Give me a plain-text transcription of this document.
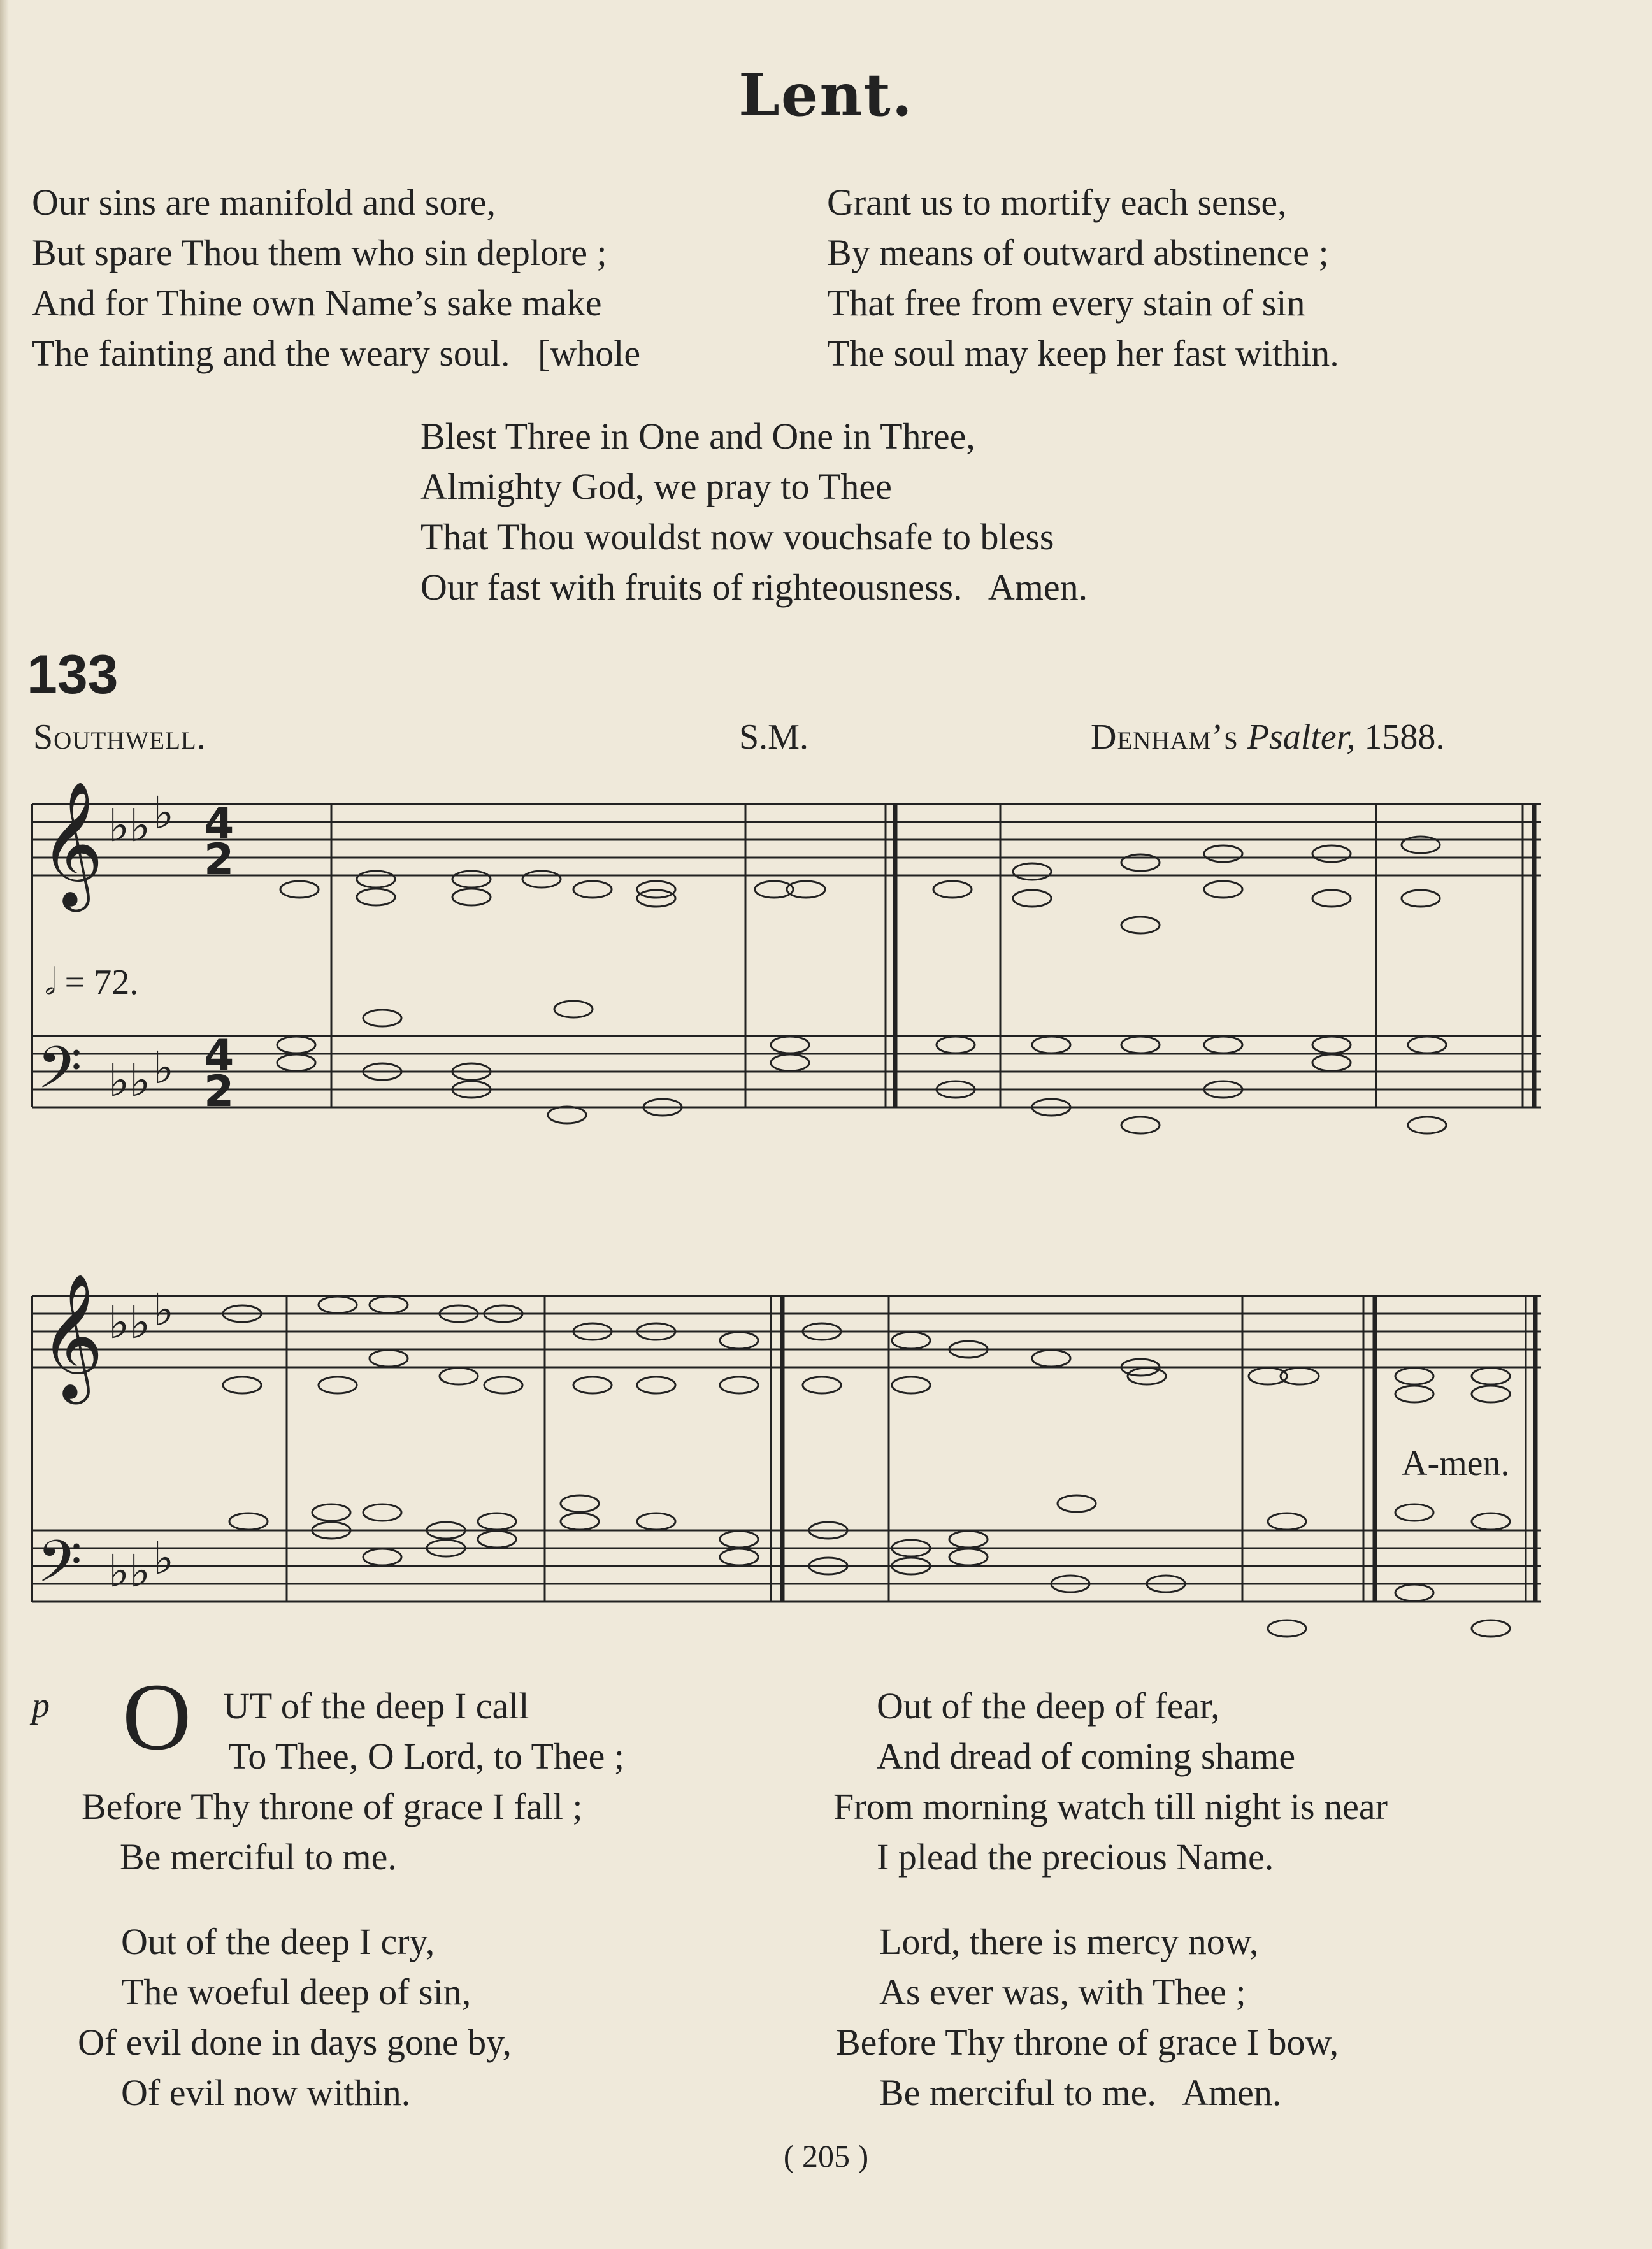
Lent.
Our sins are manifold and sore,
But spare Thou them who sin deplore ;
And for Thine own Name’s sake make
The fainting and the weary soul.   [whole
Grant us to mortify each sense,
By means of outward abstinence ;
That free from every stain of sin
The soul may keep her fast within.
Blest Three in One and One in Three,
Almighty God, we pray to Thee
That Thou wouldst now vouchsafe to bless
Our fast with fruits of righteousness.   Amen.
133
Southwell.	S.M.	Denham’s Psalter, 1588.
𝄞
𝄢
𝄞
𝄢
♭♭ ♭
♭♭ ♭
♭♭ ♭
♭♭ ♭
4
2
4
2
𝅗𝅥 = 72.
A-men.
p O UT of the deep I call
To Thee, O Lord, to Thee ;
Before Thy throne of grace I fall ;
Be merciful to me.
Out of the deep of fear,
And dread of coming shame
From morning watch till night is near
I plead the precious Name.
Out of the deep I cry,
The woeful deep of sin,
Of evil done in days gone by,
Of evil now within.
Lord, there is mercy now,
As ever was, with Thee ;
Before Thy throne of grace I bow,
Be merciful to me.   Amen.
( 205 )
